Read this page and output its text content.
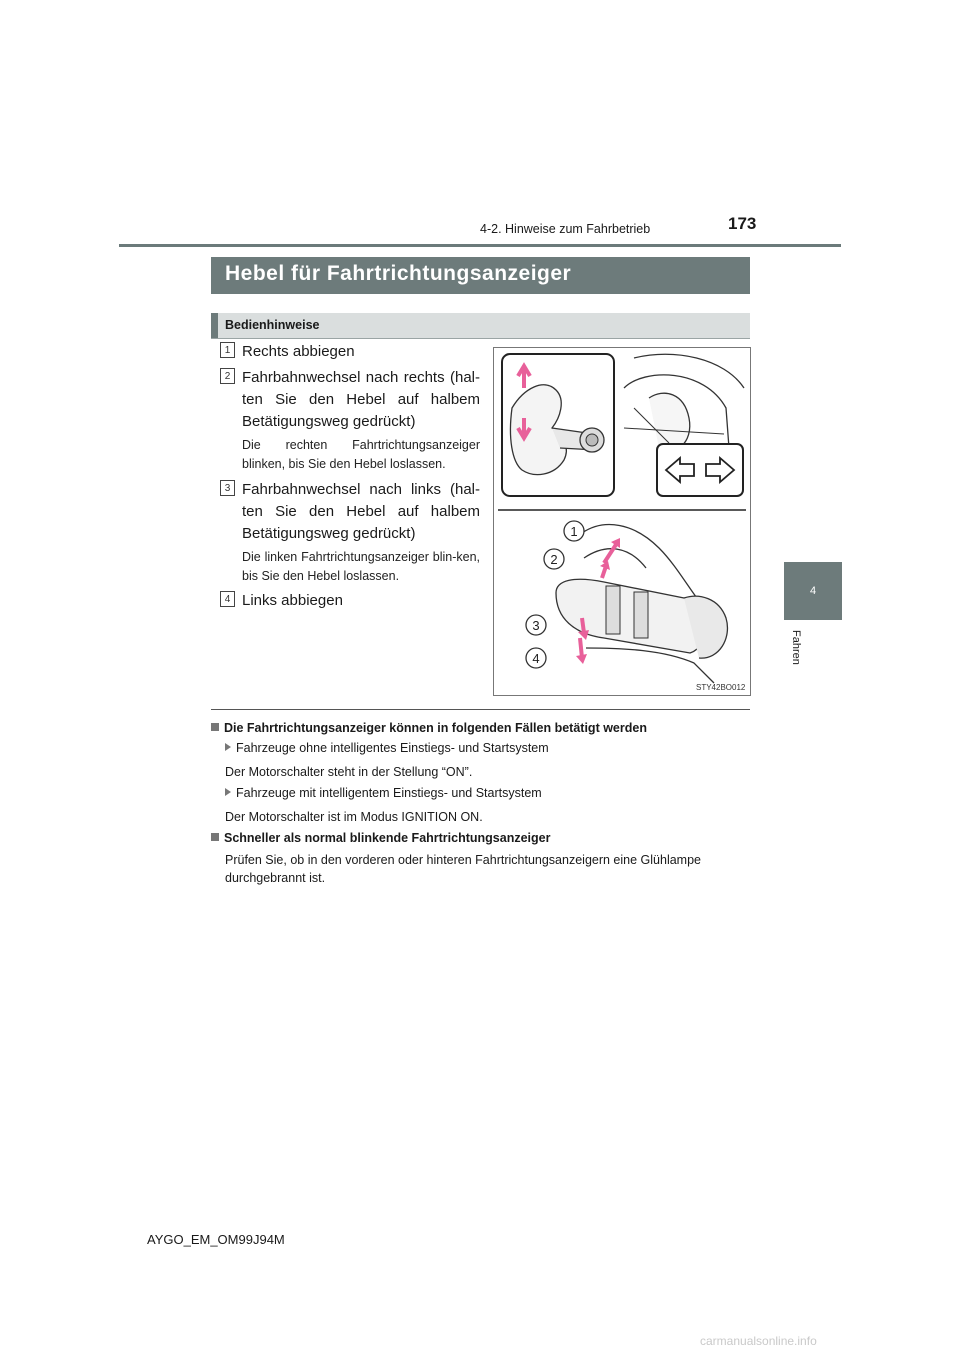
4-2. Hinweise zum Fahrbetrieb	173
4
Fahren
Hebel für Fahrtrichtungsanzeiger
Bedienhinweise
1 Rechts abbiegen
2 Fahrbahnwechsel nach rechts (hal-ten Sie den Hebel auf halbem Betätigungsweg gedrückt)
Die rechten Fahrtrichtungsanzeiger blinken, bis Sie den Hebel loslassen.
3 Fahrbahnwechsel nach links (hal-ten Sie den Hebel auf halbem Betätigungsweg gedrückt)
Die linken Fahrtrichtungsanzeiger blin-ken, bis Sie den Hebel loslassen.
4 Links abbiegen
1
2
3
4
STY42BO012
Die Fahrtrichtungsanzeiger können in folgenden Fällen betätigt werden
Fahrzeuge ohne intelligentes Einstiegs- und Startsystem
Der Motorschalter steht in der Stellung “ON”.
Fahrzeuge mit intelligentem Einstiegs- und Startsystem
Der Motorschalter ist im Modus IGNITION ON.
Schneller als normal blinkende Fahrtrichtungsanzeiger
Prüfen Sie, ob in den vorderen oder hinteren Fahrtrichtungsanzeigern eine Glühlampe durchgebrannt ist.
AYGO_EM_OM99J94M
carmanualsonline.info
